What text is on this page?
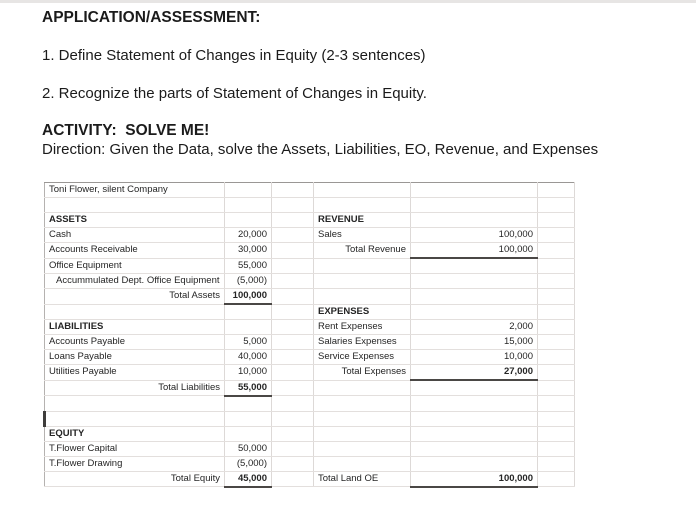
APPLICATION/ASSESSMENT:
1. Define Statement of Changes in Equity (2-3 sentences)
2. Recognize the parts of Statement of Changes in Equity.
ACTIVITY:  SOLVE ME!
Direction: Given the Data, solve the Assets, Liabilities, EO, Revenue, and Expenses
Toni Flower, silent Company					

ASSETS			REVENUE		
Cash	20,000		Sales	100,000	
Accounts Receivable	30,000		Total Revenue	100,000	
Office Equipment	55,000				
Accummulated Dept. Office Equipment	(5,000)				
Total Assets	100,000				
			EXPENSES		
LIABILITIES			Rent Expenses	2,000	
Accounts Payable	5,000		Salaries Expenses	15,000	
Loans Payable	40,000		Service Expenses	10,000	
Utilities Payable	10,000		Total Expenses	27,000	
Total Liabilities	55,000				

EQUITY					
T.Flower Capital	50,000				
T.Flower Drawing	(5,000)				
Total Equity	45,000		Total Land OE	100,000	
